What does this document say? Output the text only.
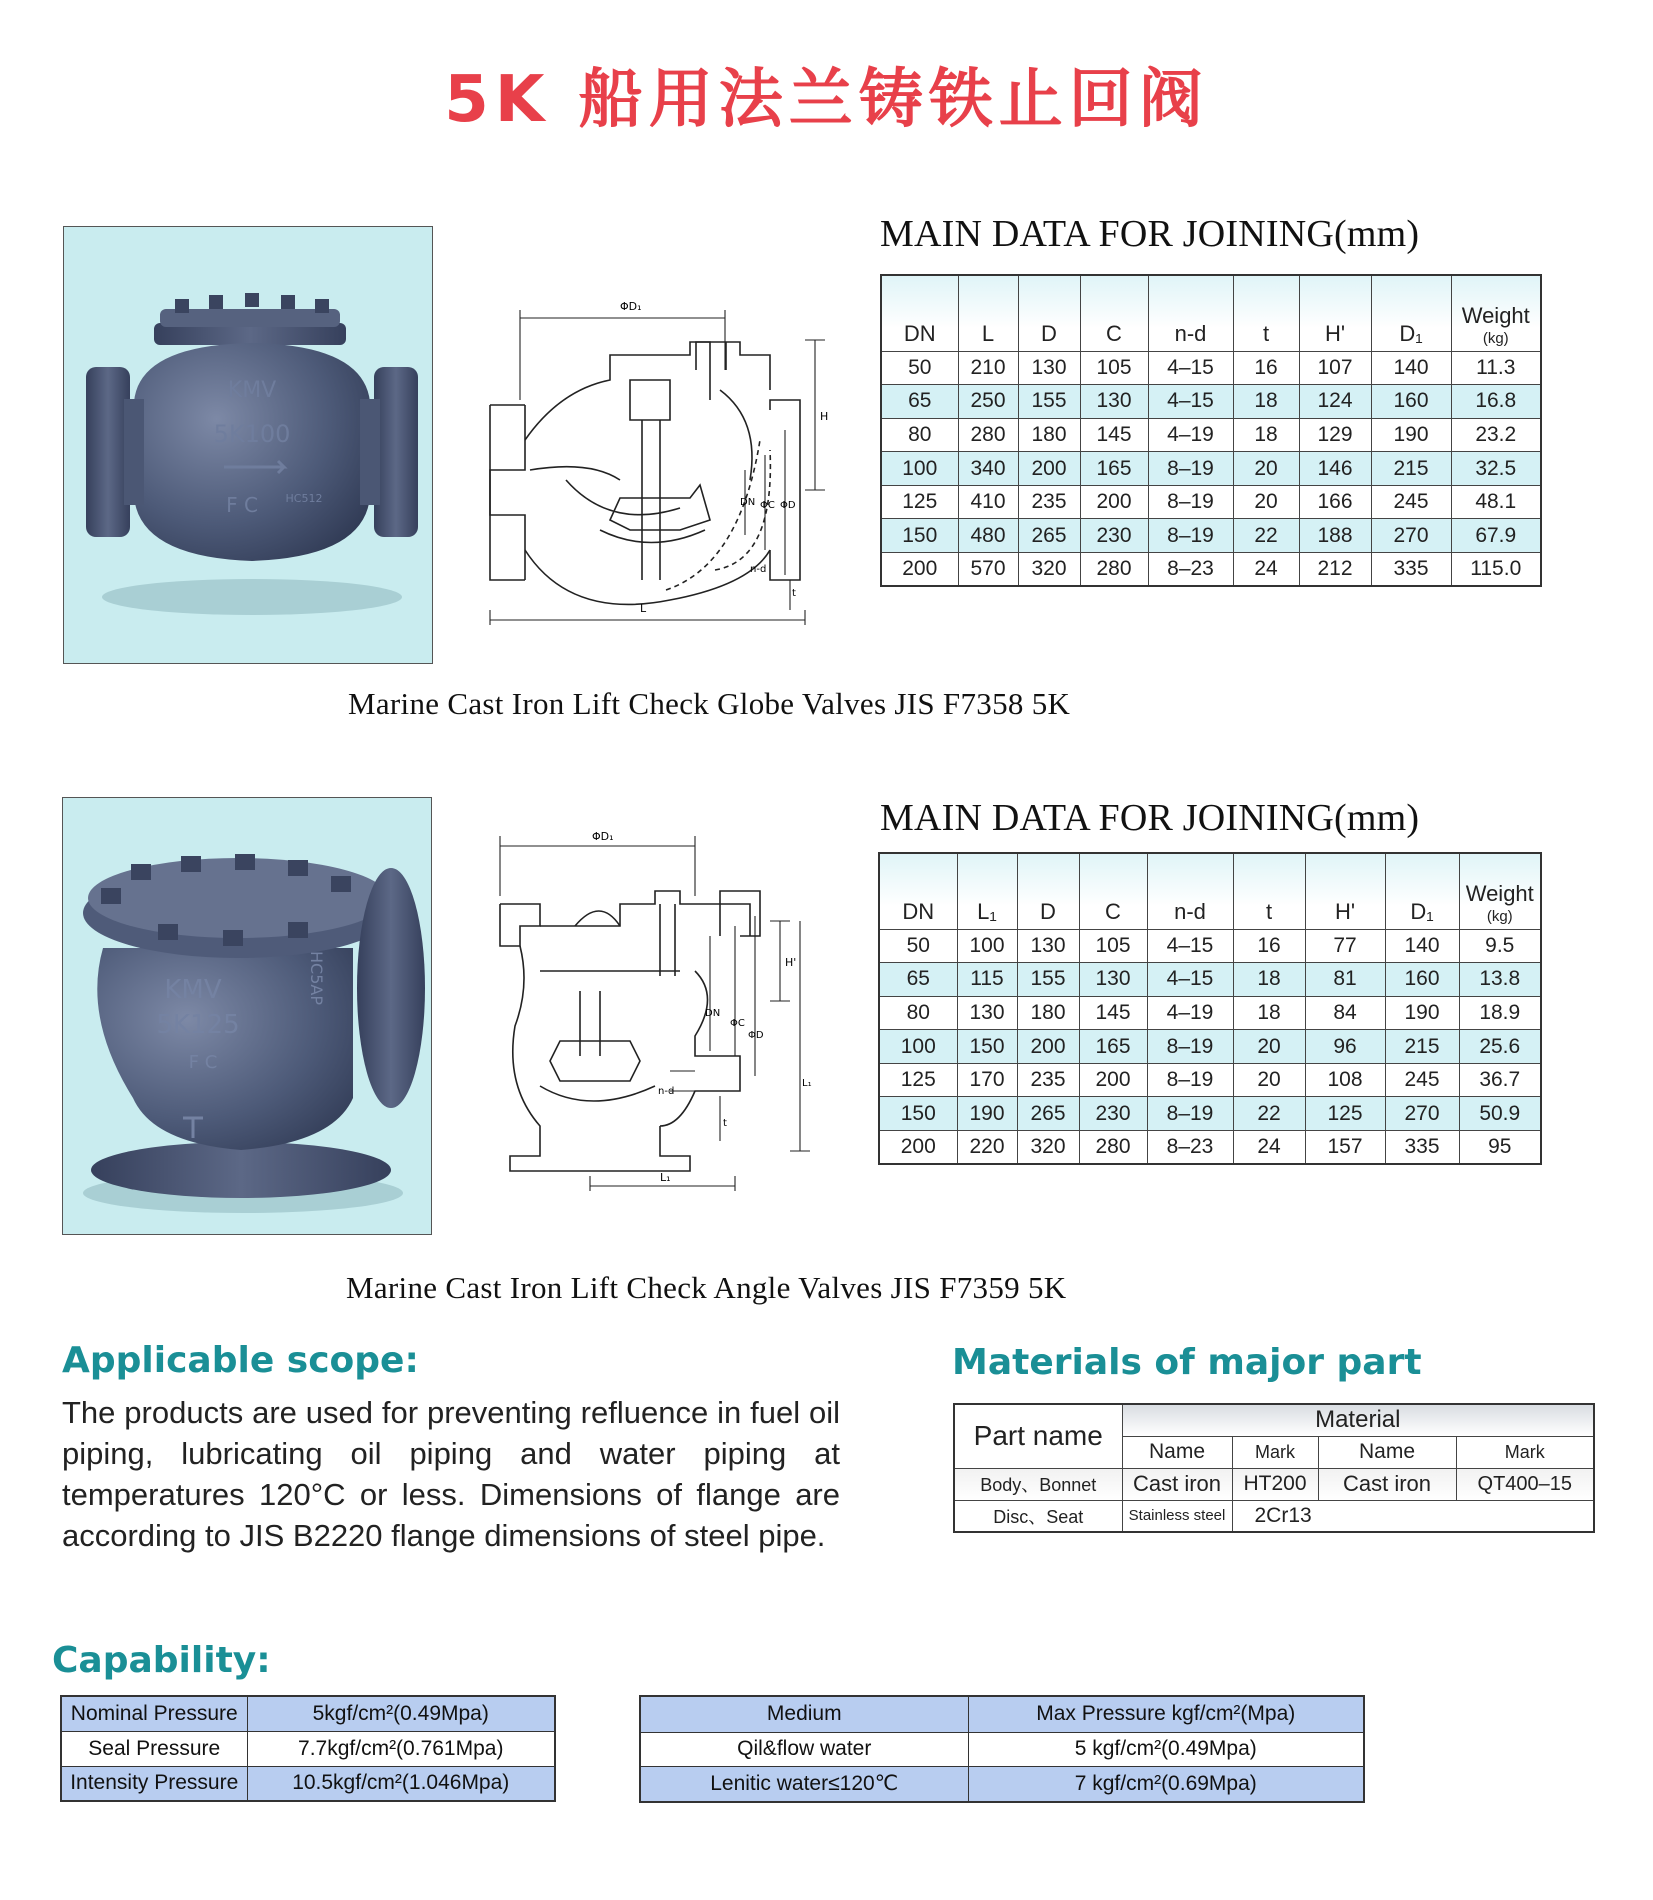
5K 船用法兰铸铁止回阀
KMV
5K100
F C	HC512
ΦD₁
H
DN ΦC ΦD
n-d
t
L
MAIN DATA FOR JOINING(mm)
DN	L	D	C	n-d	t	H'	D₁	Weight
(kg)

50	210	130	105	4–15	16	107	140	11.3
65	250	155	130	4–15	18	124	160	16.8
80	280	180	145	4–19	18	129	190	23.2
100	340	200	165	8–19	20	146	215	32.5
125	410	235	200	8–19	20	166	245	48.1
150	480	265	230	8–19	22	188	270	67.9
200	570	320	280	8–23	24	212	335	115.0
Marine Cast Iron Lift Check Globe Valves JIS F7358 5K
KMV
5K125
F C
HC5AP
ΦD₁
H'
DN
ΦC
ΦD
L₁
n-d
t
L₁
MAIN DATA FOR JOINING(mm)
DN	L₁	D	C	n-d	t	H'	D₁	Weight
(kg)

50	100	130	105	4–15	16	77	140	9.5
65	115	155	130	4–15	18	81	160	13.8
80	130	180	145	4–19	18	84	190	18.9
100	150	200	165	8–19	20	96	215	25.6
125	170	235	200	8–19	20	108	245	36.7
150	190	265	230	8–19	22	125	270	50.9
200	220	320	280	8–23	24	157	335	95
Marine Cast Iron Lift Check Angle Valves JIS F7359 5K
Applicable scope:
The products are used for preventing refluence in fuel oil piping, lubricating oil piping and water piping at temperatures 120°C or less. Dimensions of flange are according to JIS B2220 flange dimensions of steel pipe.
Materials of major part
Part name	Material			
	Name	Mark	Name	Mark
Body、Bonnet	Cast iron	HT200	Cast iron	QT400–15
Disc、Seat	Stainless steel	2Cr13		
Capability:
Nominal Pressure	5kgf/cm²(0.49Mpa)
Seal Pressure	7.7kgf/cm²(0.761Mpa)
Intensity Pressure	10.5kgf/cm²(1.046Mpa)
Medium	Max Pressure kgf/cm²(Mpa)
Qil&flow water	5 kgf/cm²(0.49Mpa)
Lenitic water≤120℃	7 kgf/cm²(0.69Mpa)
